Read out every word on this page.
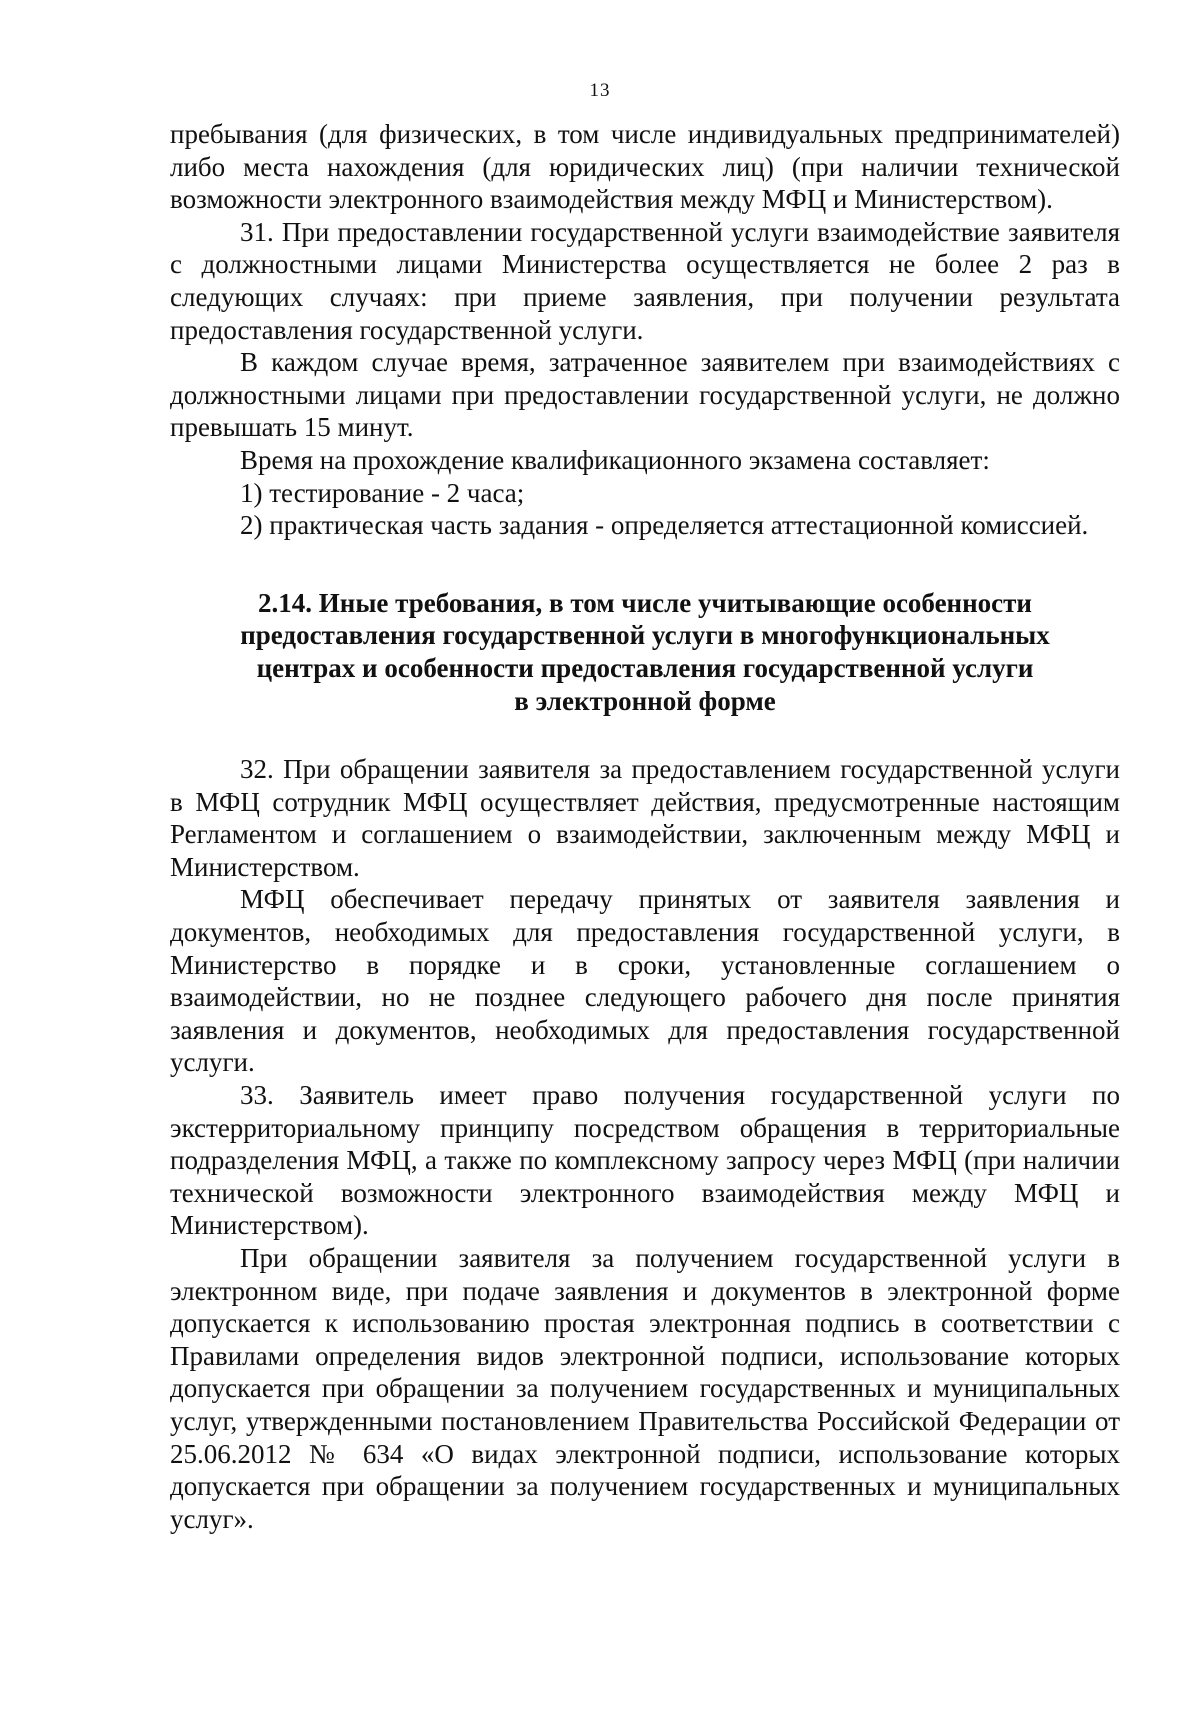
13

пребывания (для физических, в том числе индивидуальных предпринимателей) либо места нахождения (для юридических лиц) (при наличии технической возможности электронного взаимодействия между МФЦ и Министерством).

31. При предоставлении государственной услуги взаимодействие заявителя с должностными лицами Министерства осуществляется не более 2 раз в следующих случаях: при приеме заявления, при получении результата предоставления государственной услуги.

В каждом случае время, затраченное заявителем при взаимодействиях с должностными лицами при предоставлении государственной услуги, не должно превышать 15 минут.

Время на прохождение квалификационного экзамена составляет:

1) тестирование - 2 часа;

2) практическая часть задания - определяется аттестационной комиссией.

2.14. Иные требования, в том числе учитывающие особенности
предоставления государственной услуги в многофункциональных
центрах и особенности предоставления государственной услуги
в электронной форме

32. При обращении заявителя за предоставлением государственной услуги в МФЦ сотрудник МФЦ осуществляет действия, предусмотренные настоящим Регламентом и соглашением о взаимодействии, заключенным между МФЦ и Министерством.

МФЦ обеспечивает передачу принятых от заявителя заявления и документов, необходимых для предоставления государственной услуги, в Министерство в порядке и в сроки, установленные соглашением о взаимодействии, но не позднее следующего рабочего дня после принятия заявления и документов, необходимых для предоставления государственной услуги.

33. Заявитель имеет право получения государственной услуги по экстерриториальному принципу посредством обращения в территориальные подразделения МФЦ, а также по комплексному запросу через МФЦ (при наличии технической возможности электронного взаимодействия между МФЦ и Министерством).

При обращении заявителя за получением государственной услуги в электронном виде, при подаче заявления и документов в электронной форме допускается к использованию простая электронная подпись в соответствии с Правилами определения видов электронной подписи, использование которых допускается при обращении за получением государственных и муниципальных услуг, утвержденными постановлением Правительства Российской Федерации от 25.06.2012 № 634 «О видах электронной подписи, использование которых допускается при обращении за получением государственных и муниципальных услуг».
